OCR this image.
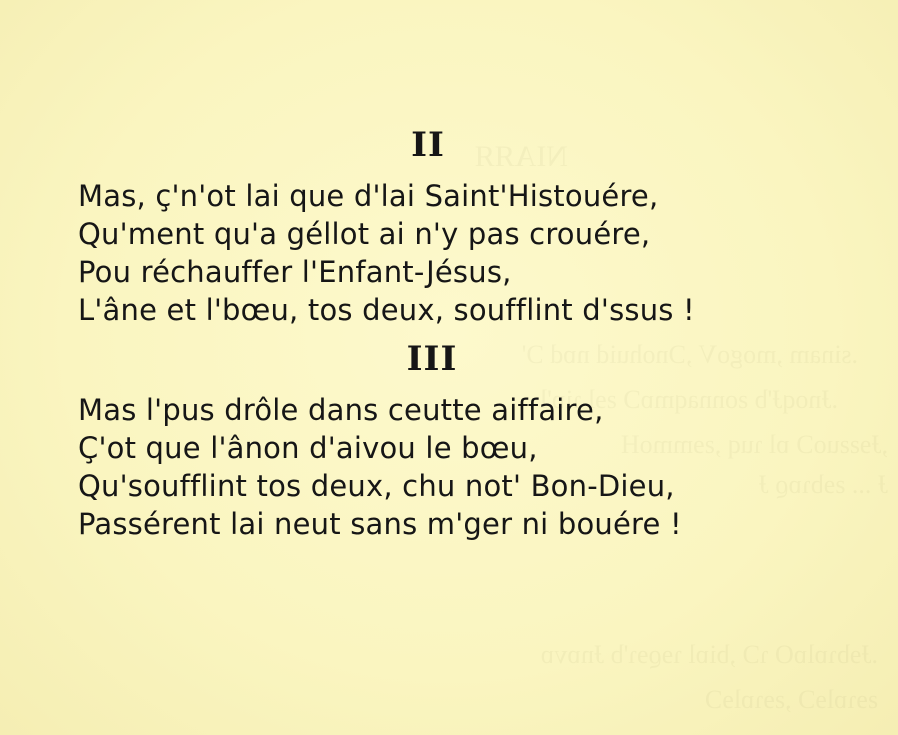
II
Mas, ç'n'ot lai que d'lai Saint'Histouére,
Qu'ment qu'a géllot ai n'y pas crouére,
Pou réchauffer l'Enfant-Jésus,
L'âne et l'bœu, tos deux, soufflint d'ssus !
III
Mas l'pus drôle dans ceutte aiffaire,
Ç'ot que l'ânon d'aivou le bœu,
Qu'soufflint tos deux, chu not' Bon-Dieu,
Passérent lai neut sans m'ger ni bouére !
